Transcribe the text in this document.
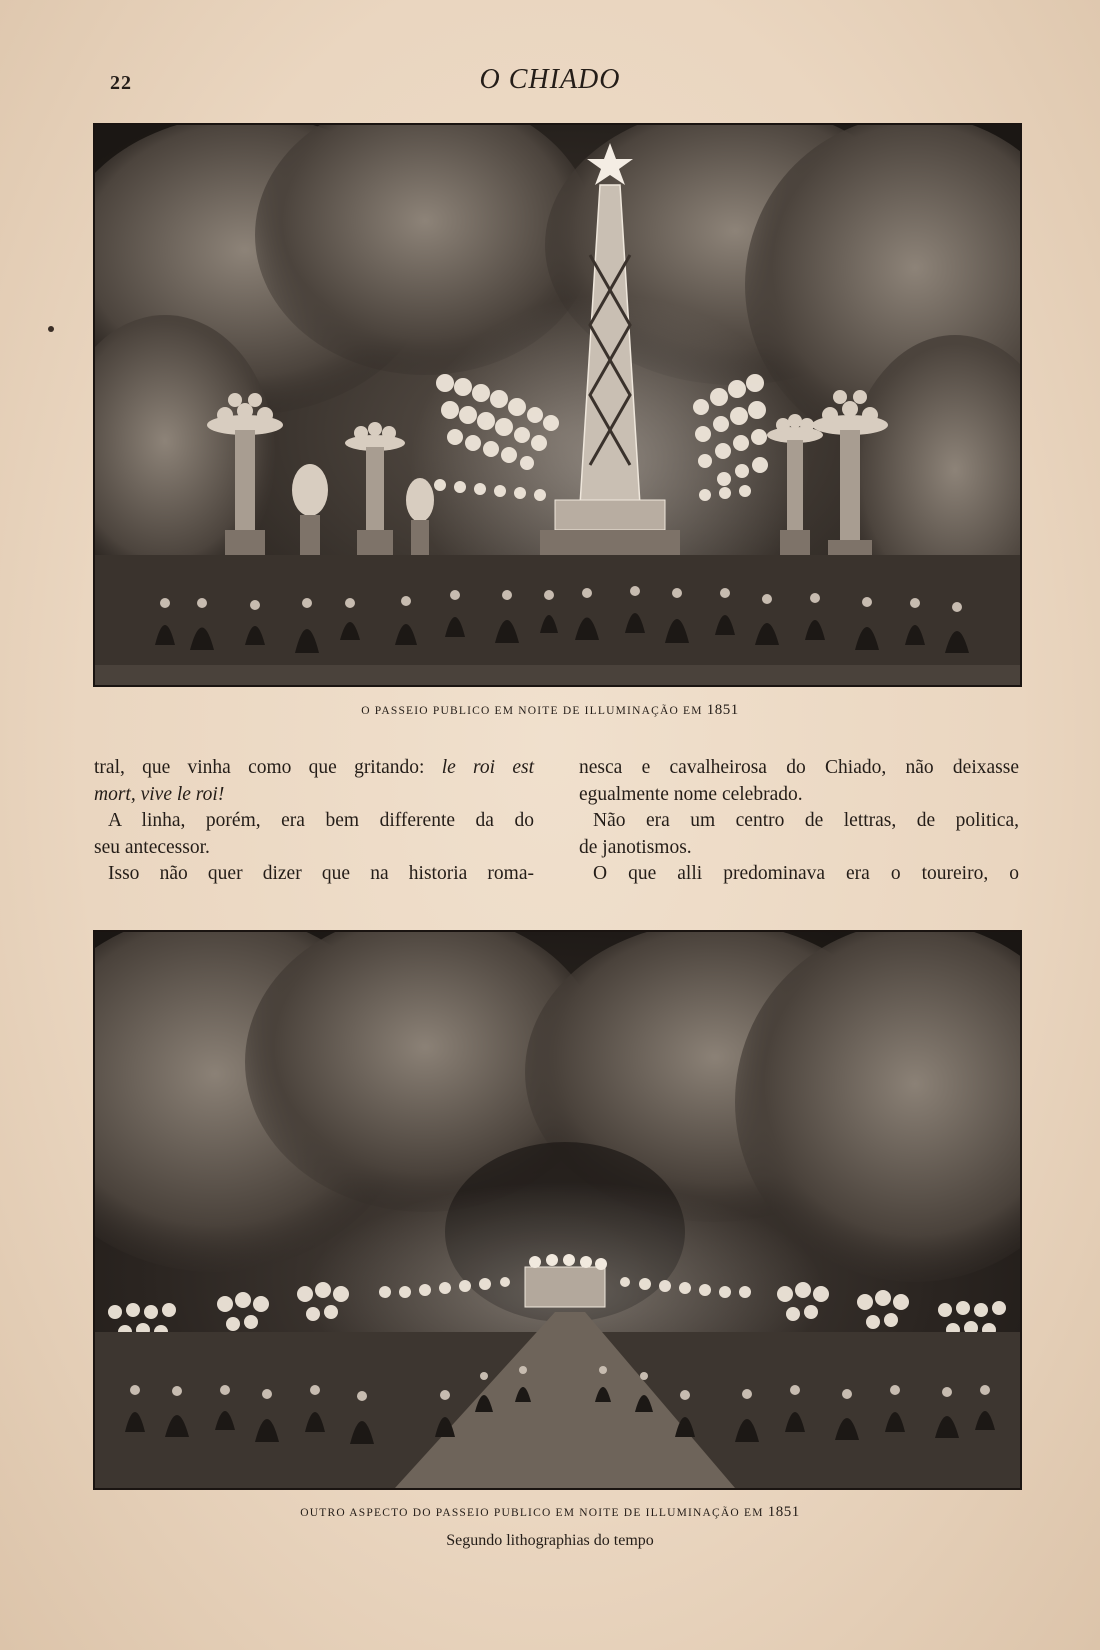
22	O CHIADO
O PASSEIO PUBLICO EM NOITE DE ILLUMINAÇÃO EM 1851

tral, que vinha como que gritando: le roi est

mort, vive le roi!

A linha, porém, era bem differente da do

seu antecessor.

Isso não quer dizer que na historia roma-

nesca e cavalheirosa do Chiado, não deixasse

egualmente nome celebrado.

Não era um centro de lettras, de politica,

de janotismos.

O que alli predominava era o toureiro, o

OUTRO ASPECTO DO PASSEIO PUBLICO EM NOITE DE ILLUMINAÇÃO EM 1851
Segundo lithographias do tempo
